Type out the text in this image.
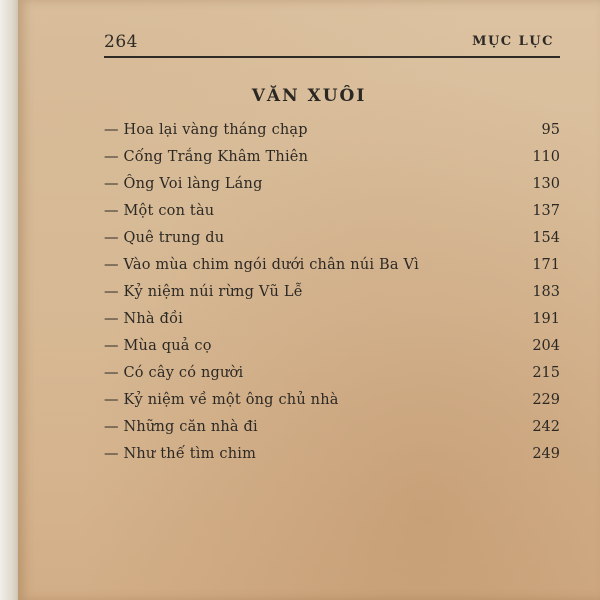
264	MỤC LỤC
VĂN XUÔI
— Hoa lại vàng tháng chạp	95
— Cống Trắng Khâm Thiên	110
— Ông Voi làng Láng	130
— Một con tàu	137
— Quê trung du	154
— Vào mùa chim ngói dưới chân núi Ba Vì	171
— Kỷ niệm núi rừng Vũ Lễ	183
— Nhà đồi	191
— Mùa quả cọ	204
— Có cây có người	215
— Kỷ niệm về một ông chủ nhà	229
— Những căn nhà đi	242
— Như thế tìm chim	249
